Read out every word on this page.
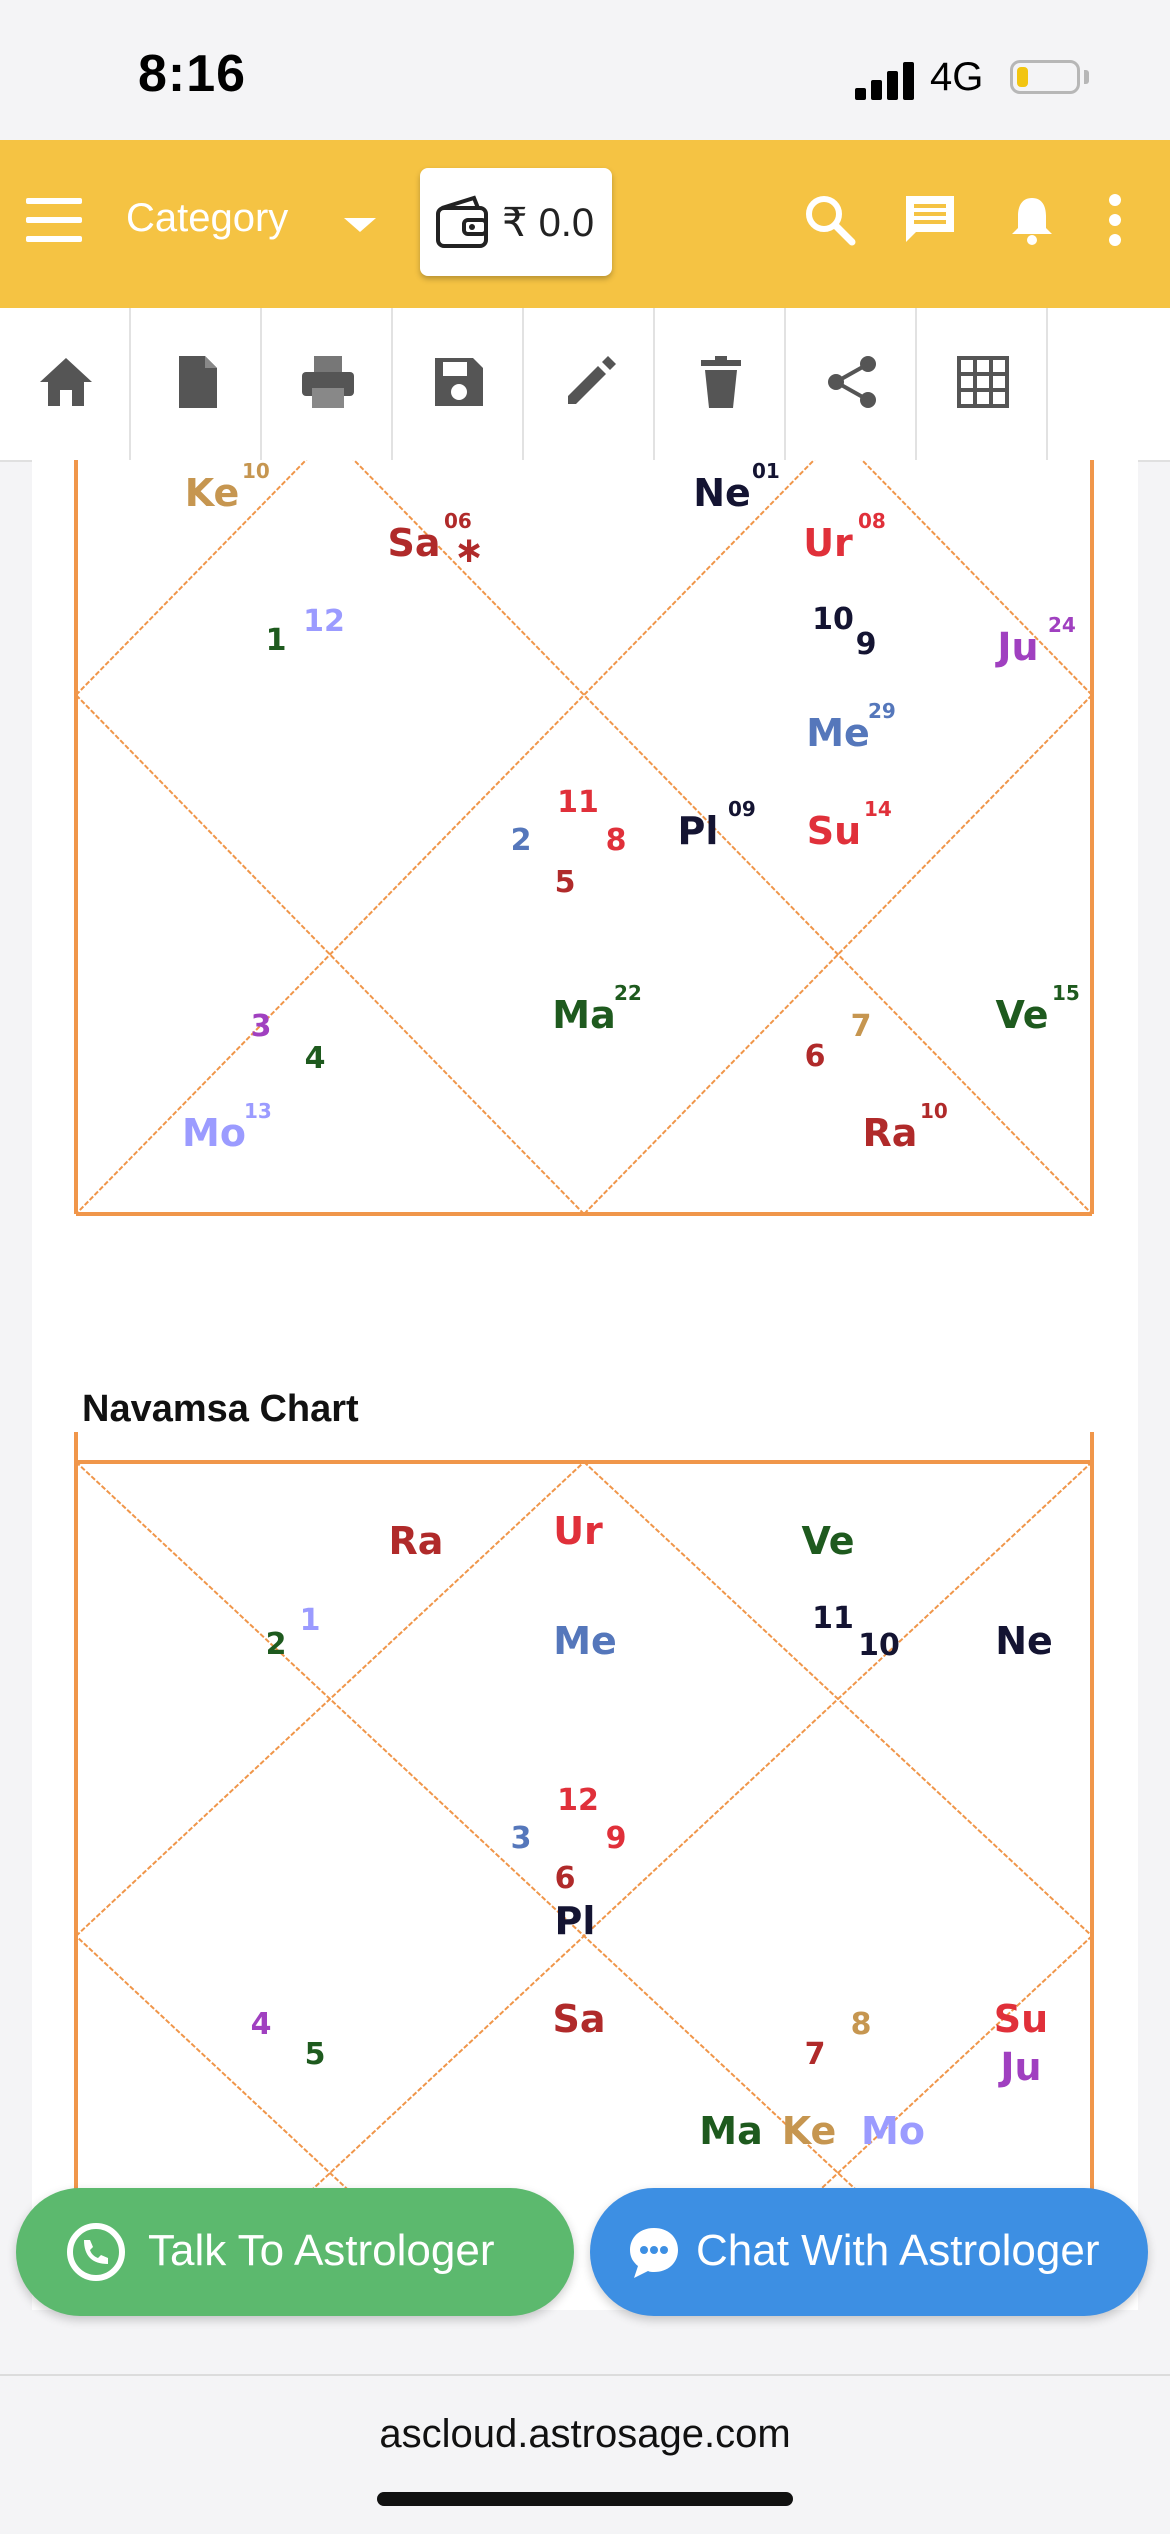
8:16	4G
Category	₹ 0.0
12
1
10
9
11
2 8
5
3
4
7
6
Ke 10
Sa 06
∗
Ne 01
Ur 08
Ju 24
Me
29
Pl 09 Su 14
Ma
22	Ve 15
Mo
13	Ra 10
1
2
11
10
12
3 9
6
4
5
8
7
Ra	Ur
Me
Ve
Ne
Pl
Sa	Su
Ju
Ma Ke Mo
Navamsa Chart
Talk To Astrologer	Chat With Astrologer
ascloud.astrosage.com
